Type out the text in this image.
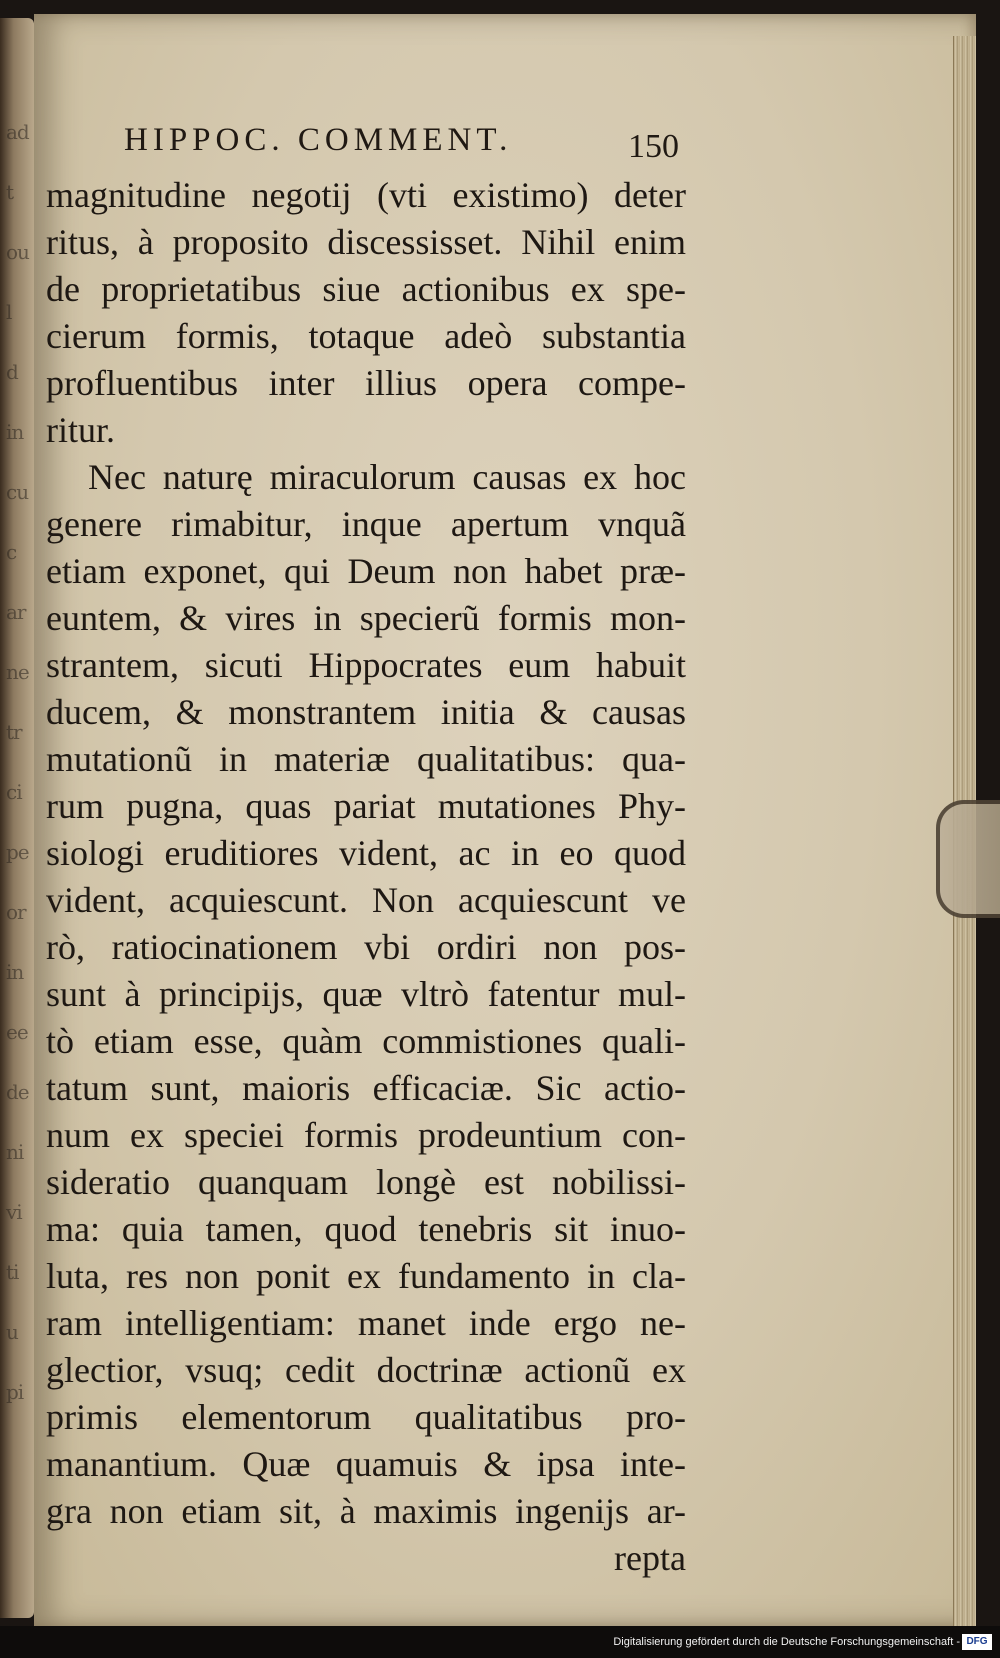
HIPPOC. COMMENT.	150
magnitudine negotij (vti existimo) deter
ritus, à proposito discessisset. Nihil enim
de proprietatibus siue actionibus ex spe-
cierum formis, totaque adeò substantia
profluentibus inter illius opera compe-
ritur.
Nec naturę miraculorum causas ex hoc
genere rimabitur, inque apertum vnquã
etiam exponet, qui Deum non habet præ-
euntem, & vires in specierũ formis mon-
strantem, sicuti Hippocrates eum habuit
ducem, & monstrantem initia & causas
mutationũ in materiæ qualitatibus: qua-
rum pugna, quas pariat mutationes Phy-
siologi eruditiores vident, ac in eo quod
vident, acquiescunt. Non acquiescunt ve
rò, ratiocinationem vbi ordiri non pos-
sunt à principijs, quæ vltrò fatentur mul-
tò etiam esse, quàm commistiones quali-
tatum sunt, maioris efficaciæ. Sic actio-
num ex speciei formis prodeuntium con-
sideratio quanquam longè est nobilissi-
ma: quia tamen, quod tenebris sit inuo-
luta, res non ponit ex fundamento in cla-
ram intelligentiam: manet inde ergo ne-
glectior, vsuq; cedit doctrinæ actionũ ex
primis elementorum qualitatibus pro-
manantium. Quæ quamuis & ipsa inte-
gra non etiam sit, à maximis ingenijs ar-
repta
ad
t
ou
l
d
in
cu
c
ar
ne
tr
ci
pe
or
in
ee
de
ni
vi
ti
u
pi
Digitalisierung gefördert durch die Deutsche Forschungsgemeinschaft - DFG
